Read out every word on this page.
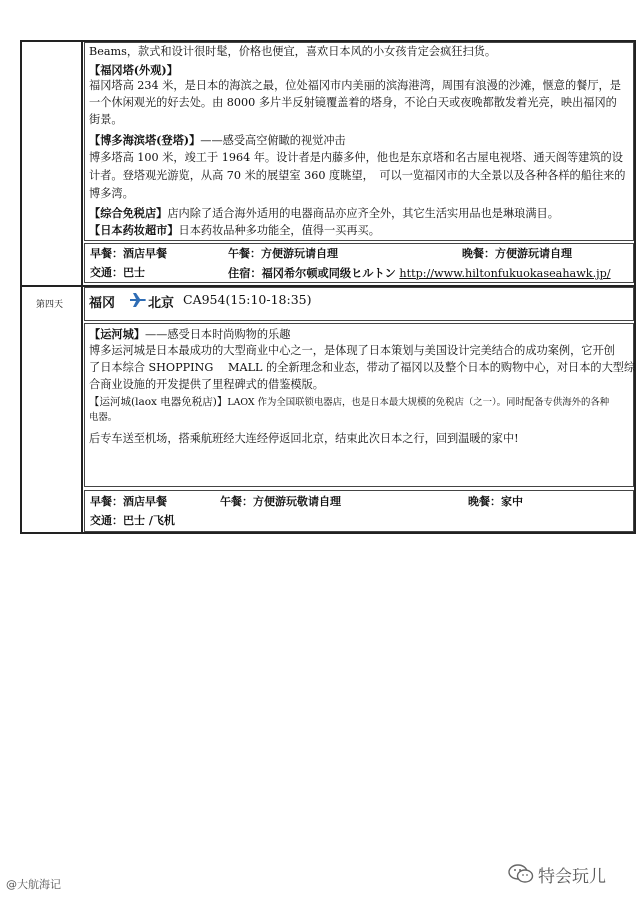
Beams，款式和设计很时髦，价格也便宜，喜欢日本风的小女孩肯定会疯狂扫货。
【福冈塔(外观)】
福冈塔高 234 米，是日本的海滨之最，位处福冈市内美丽的滨海港湾，周围有浪漫的沙滩，惬意的餐厅，是
一个休闲观光的好去处。由 8000 多片半反射镜覆盖着的塔身，不论白天或夜晚都散发着光亮，映出福冈的
街景。
【博多海滨塔(登塔)】——感受高空俯瞰的视觉冲击
博多塔高 100 米，竣工于 1964 年。设计者是内藤多仲，他也是东京塔和名古屋电视塔、通天阁等建筑的设
计者。登塔观光游览，从高 70 米的展望室 360 度眺望，　可以一览福冈市的大全景以及各种各样的船往来的
博多湾。
【综合免税店】店内除了适合海外适用的电器商品亦应齐全外，其它生活实用品也是琳琅满目。
【日本药妆超市】日本药妆品种多功能全，值得一买再买。
早餐：酒店早餐	午餐：方便游玩请自理	晚餐：方便游玩请自理
交通：巴士	住宿：福冈希尔顿或同级ヒルトン http://www.hiltonfukuokaseahawk.jp/
第四天 福冈	北京 CA954(15:10-18:35)
【运河城】——感受日本时尚购物的乐趣
博多运河城是日本最成功的大型商业中心之一，是体现了日本策划与美国设计完美结合的成功案例，它开创
了日本综合 SHOPPING　 MALL 的全新理念和业态，带动了福冈以及整个日本的购物中心，对日本的大型综
合商业设施的开发提供了里程碑式的借鉴模版。
【运河城(laox 电器免税店)】LAOX 作为全国联锁电器店，也是日本最大规模的免税店（之一）。同时配备专供海外的各种
电器。
后专车送至机场，搭乘航班经大连经停返回北京，结束此次日本之行，回到温暖的家中!
早餐：酒店早餐	午餐：方便游玩敬请自理	晚餐：家中
交通：巴士 /飞机
@大航海记	特会玩儿
